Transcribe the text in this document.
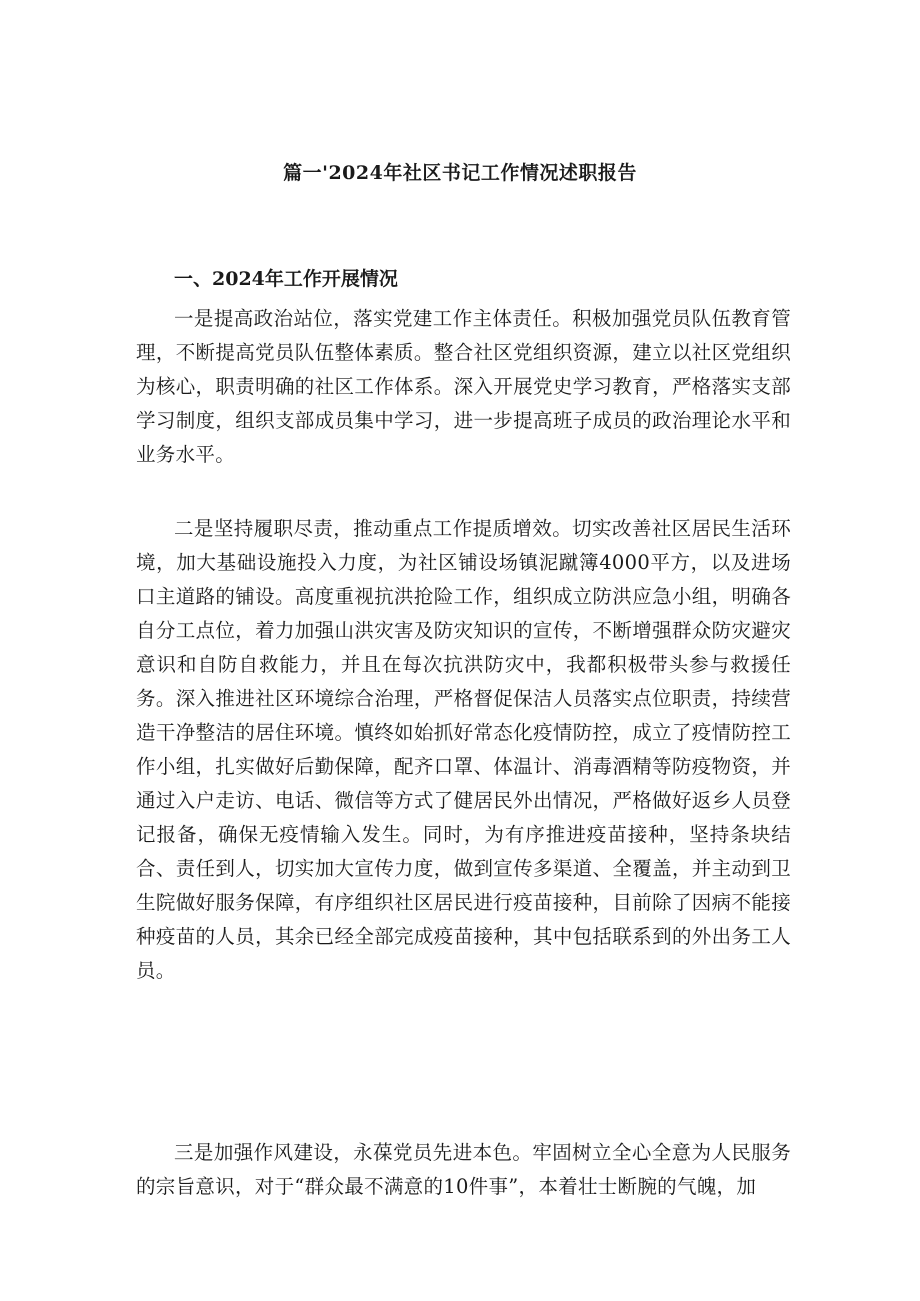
篇一'2024年社区书记工作情况述职报告
一、2024年工作开展情况

一是提高政治站位，落实党建工作主体责任。积极加强党员队伍教育管理，不断提高党员队伍整体素质。整合社区党组织资源，建立以社区党组织为核心，职责明确的社区工作体系。深入开展党史学习教育，严格落实支部学习制度，组织支部成员集中学习，进一步提高班子成员的政治理论水平和业务水平。

二是坚持履职尽责，推动重点工作提质增效。切实改善社区居民生活环境，加大基础设施投入力度，为社区铺设场镇泥蹴簿4000平方，以及进场口主道路的铺设。高度重视抗洪抢险工作，组织成立防洪应急小组，明确各自分工点位，着力加强山洪灾害及防灾知识的宣传，不断增强群众防灾避灾意识和自防自救能力，并且在每次抗洪防灾中，我都积极带头参与救援任务。深入推进社区环境综合治理，严格督促保洁人员落实点位职责，持续营造干净整洁的居住环境。慎终如始抓好常态化疫情防控，成立了疫情防控工作小组，扎实做好后勤保障，配齐口罩、体温计、消毒酒精等防疫物资，并通过入户走访、电话、微信等方式了健居民外出情况，严格做好返乡人员登记报备，确保无疫情输入发生。同时，为有序推进疫苗接种，坚持条块结合、责任到人，切实加大宣传力度，做到宣传多渠道、全覆盖，并主动到卫生院做好服务保障，有序组织社区居民进行疫苗接种，目前除了因病不能接种疫苗的人员，其余已经全部完成疫苗接种，其中包括联系到的外出务工人员。

三是加强作风建设，永葆党员先进本色。牢固树立全心全意为人民服务的宗旨意识，对于“群众最不满意的10件事”，本着壮士断腕的气魄，加
